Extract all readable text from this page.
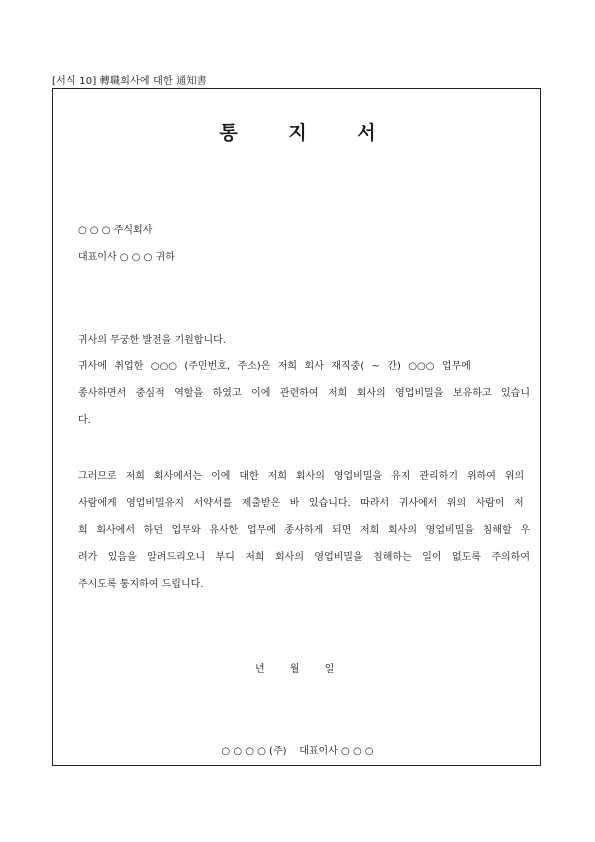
[서식 10] 轉職회사에 대한 通知書
통 지 서
○ ○ ○ 주식회사
대표이사 ○ ○ ○ 귀하
귀사의 무궁한 발전을 기원합니다.
귀사에 취업한 ○○○ (주민번호, 주소)은 저희 회사 재직중( ~ 간) ○○○ 업무에
종사하면서 중심적 역할을 하였고 이에 관련하여 저희 회사의 영업비밀을 보유하고 있습니
다.
그러므로 저희 회사에서는 이에 대한 저희 회사의 영업비밀을 유지 관리하기 위하여 위의
사람에게 영업비밀유지 서약서를 제출받은 바 있습니다. 따라서 귀사에서 위의 사람이 저
희 회사에서 하던 업무와 유사한 업무에 종사하게 되면 저희 회사의 영업비밀을 침해할 우
려가 있음을 알려드리오니 부디 저희 회사의 영업비밀을 침해하는 일이 없도록 주의하여
주시도록 통지하여 드립니다.
년 월 일
○ ○ ○ ○ (주)    대표이사 ○ ○ ○
